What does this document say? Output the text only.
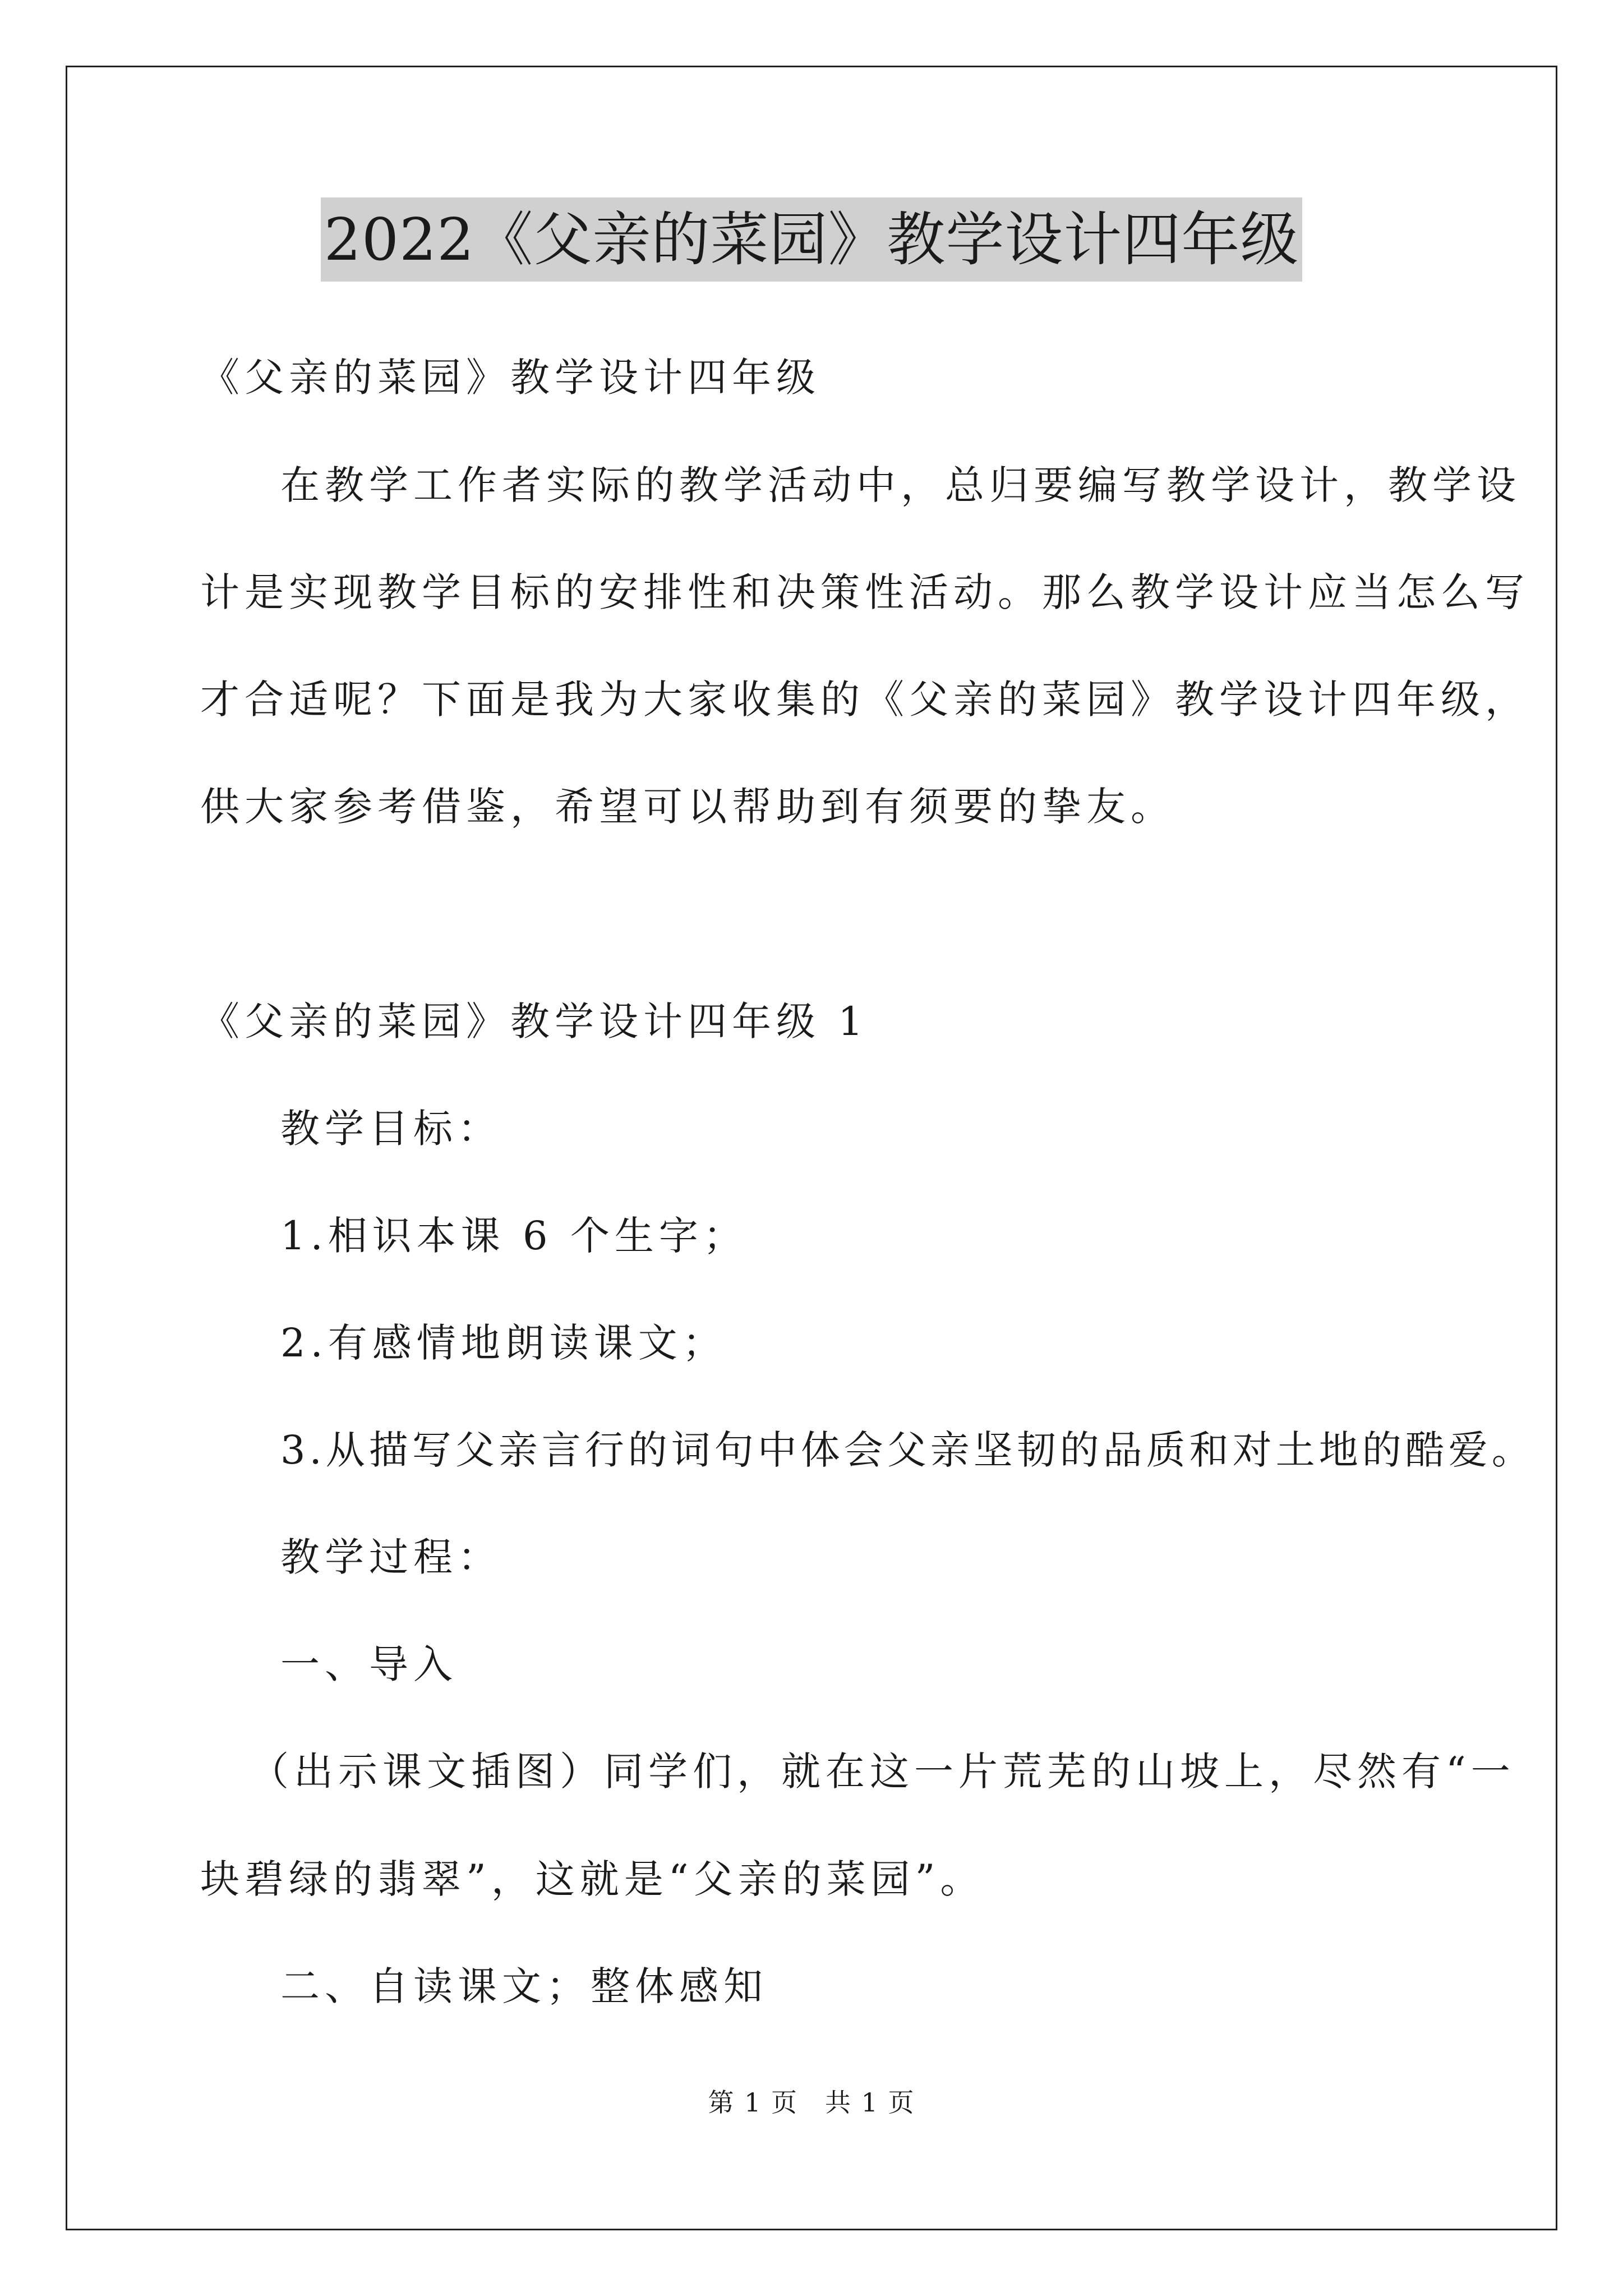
2022《父亲的菜园》教学设计四年级
《父亲的菜园》教学设计四年级
在教学工作者实际的教学活动中，总归要编写教学设计，教学设
计是实现教学目标的安排性和决策性活动。那么教学设计应当怎么写
才合适呢？下面是我为大家收集的《父亲的菜园》教学设计四年级，
供大家参考借鉴，希望可以帮助到有须要的挚友。
《父亲的菜园》教学设计四年级 1
教学目标：
1.相识本课 6 个生字；
2.有感情地朗读课文；
3.从描写父亲言行的词句中体会父亲坚韧的品质和对土地的酷爱。
教学过程：
一、导入
（出示课文插图）同学们，就在这一片荒芜的山坡上，尽然有“一
块碧绿的翡翠”，这就是“父亲的菜园”。
二、自读课文；整体感知
第 1 页　共 1 页
